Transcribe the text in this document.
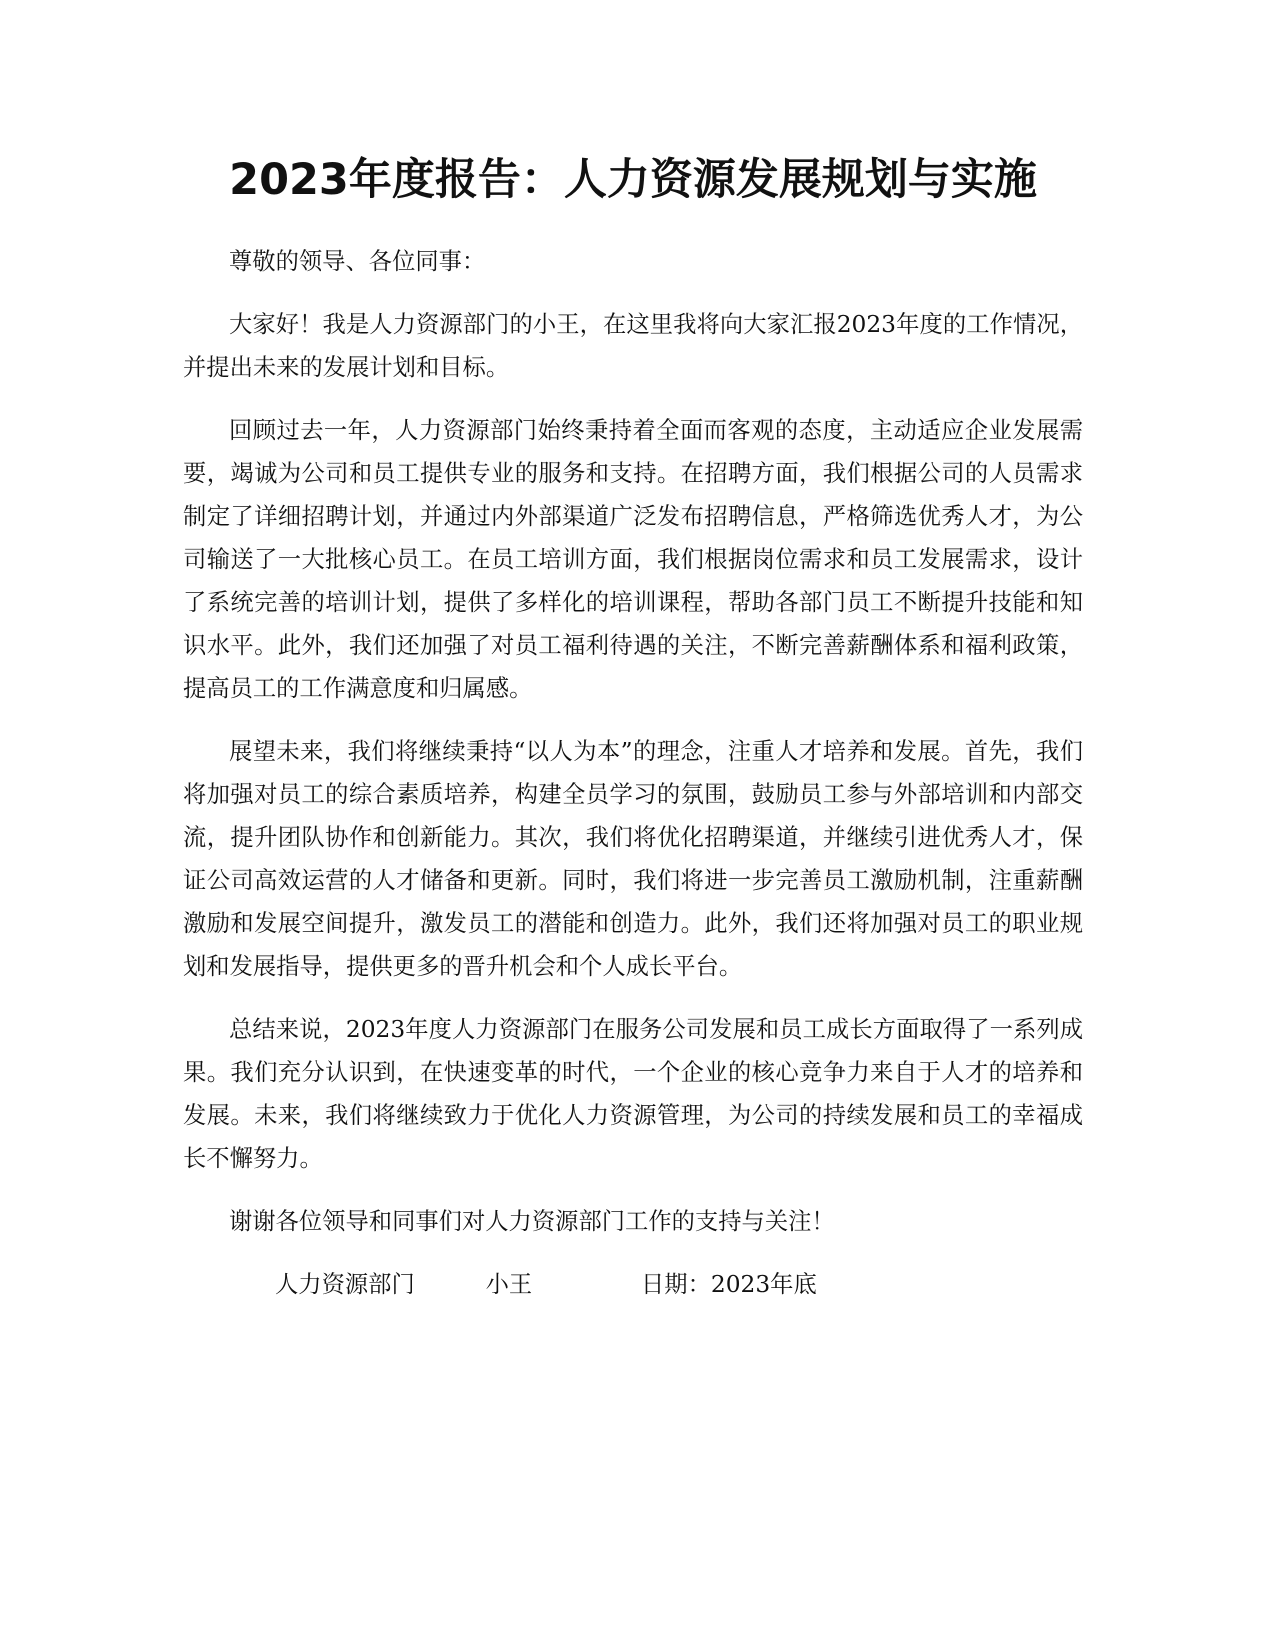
2023年度报告：人力资源发展规划与实施

尊敬的领导、各位同事：

大家好！我是人力资源部门的小王，在这里我将向大家汇报2023年度的工作情况，并提出未来的发展计划和目标。

回顾过去一年，人力资源部门始终秉持着全面而客观的态度，主动适应企业发展需要，竭诚为公司和员工提供专业的服务和支持。在招聘方面，我们根据公司的人员需求制定了详细招聘计划，并通过内外部渠道广泛发布招聘信息，严格筛选优秀人才，为公司输送了一大批核心员工。在员工培训方面，我们根据岗位需求和员工发展需求，设计了系统完善的培训计划，提供了多样化的培训课程，帮助各部门员工不断提升技能和知识水平。此外，我们还加强了对员工福利待遇的关注，不断完善薪酬体系和福利政策，提高员工的工作满意度和归属感。

展望未来，我们将继续秉持“以人为本”的理念，注重人才培养和发展。首先，我们将加强对员工的综合素质培养，构建全员学习的氛围，鼓励员工参与外部培训和内部交流，提升团队协作和创新能力。其次，我们将优化招聘渠道，并继续引进优秀人才，保证公司高效运营的人才储备和更新。同时，我们将进一步完善员工激励机制，注重薪酬激励和发展空间提升，激发员工的潜能和创造力。此外，我们还将加强对员工的职业规划和发展指导，提供更多的晋升机会和个人成长平台。

总结来说，2023年度人力资源部门在服务公司发展和员工成长方面取得了一系列成果。我们充分认识到，在快速变革的时代，一个企业的核心竞争力来自于人才的培养和发展。未来，我们将继续致力于优化人力资源管理，为公司的持续发展和员工的幸福成长不懈努力。

谢谢各位领导和同事们对人力资源部门工作的支持与关注！

人力资源部门	小王	日期：2023年底
